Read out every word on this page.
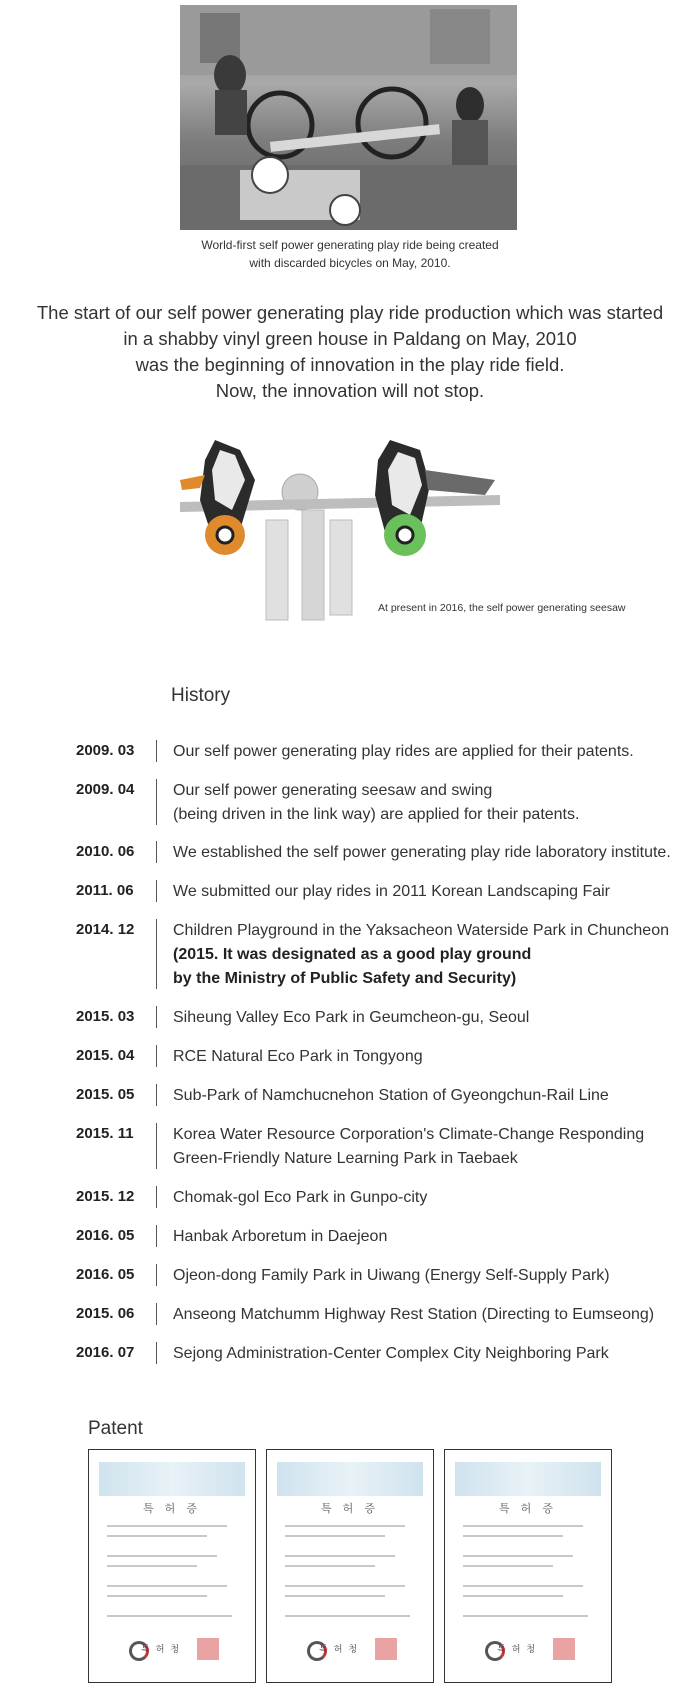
World-first self power generating play ride being created
with discarded bicycles on May, 2010.
The start of our self power generating play ride production which was started
in a shabby vinyl green house in Paldang on May, 2010
was the beginning of innovation in the play ride field.
Now, the innovation will not stop.
At present in 2016, the self power generating seesaw
History
2009. 03	Our self power generating play rides are applied for their patents.
2009. 04	Our self power generating seesaw and swing
(being driven in the link way) are applied for their patents.
2010. 06	We established the self power generating play ride laboratory institute.
2011. 06	We submitted our play rides in 2011 Korean Landscaping Fair
2014. 12	Children Playground in the Yaksacheon Waterside Park in Chuncheon
(2015. It was designated as a good play ground
by the Ministry of Public Safety and Security)
2015. 03	Siheung Valley Eco Park in Geumcheon-gu, Seoul
2015. 04	RCE Natural Eco Park in Tongyong
2015. 05	Sub-Park of Namchucnehon Station of Gyeongchun-Rail Line
2015. 11	Korea Water Resource Corporation's Climate-Change Responding
Green-Friendly Nature Learning Park in Taebaek
2015. 12	Chomak-gol Eco Park in Gunpo-city
2016. 05	Hanbak Arboretum in Daejeon
2016. 05	Ojeon-dong Family Park in Uiwang (Energy Self-Supply Park)
2015. 06	Anseong Matchumm Highway Rest Station (Directing to Eumseong)
2016. 07	Sejong Administration-Center Complex City Neighboring Park
Patent
특 허 증
특허청
특 허 증
특허청
특 허 증
특허청
